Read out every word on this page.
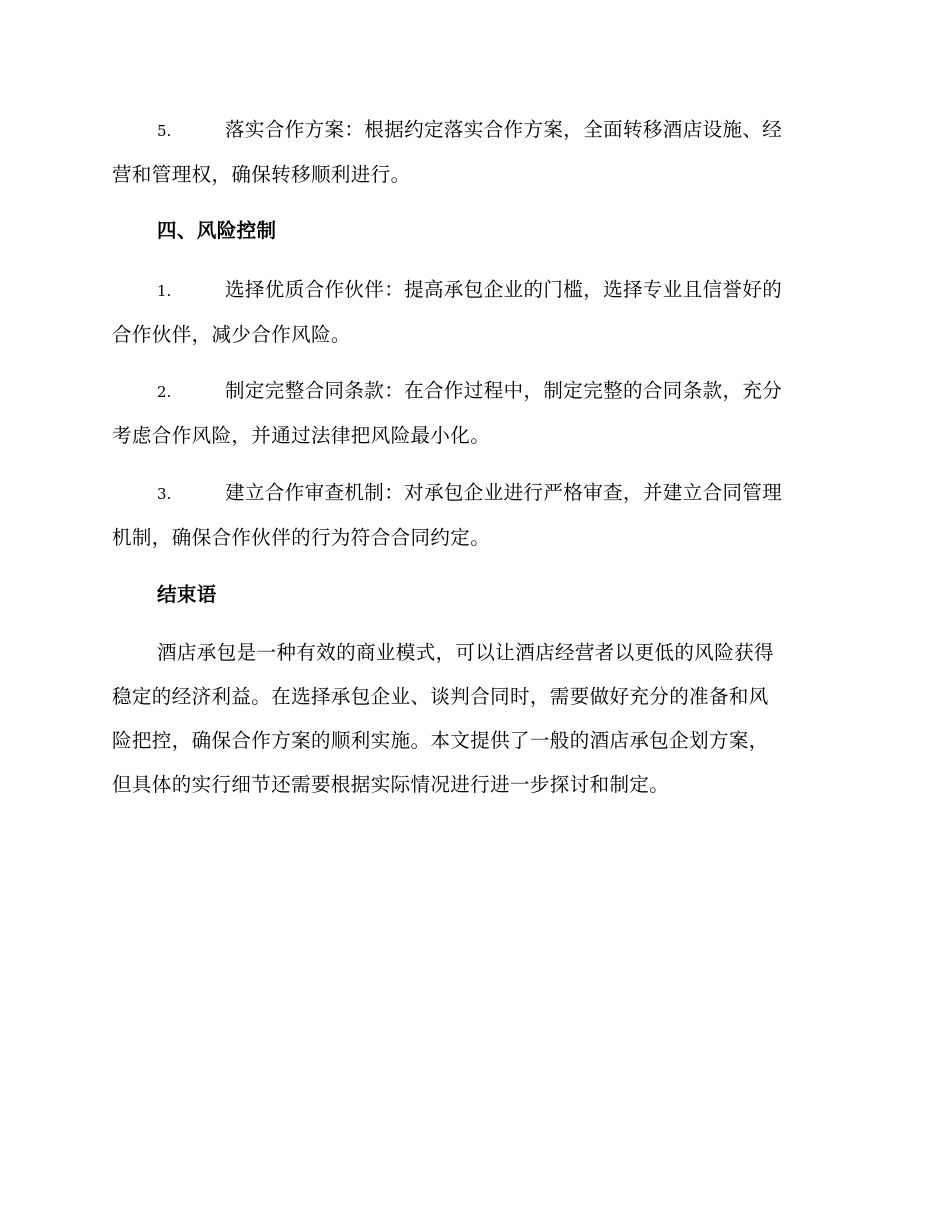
5.	落实合作方案：根据约定落实合作方案，全面转移酒店设施、经
营和管理权，确保转移顺利进行。
四、风险控制
1.	选择优质合作伙伴：提高承包企业的门槛，选择专业且信誉好的
合作伙伴，减少合作风险。
2.	制定完整合同条款：在合作过程中，制定完整的合同条款，充分
考虑合作风险，并通过法律把风险最小化。
3.	建立合作审查机制：对承包企业进行严格审查，并建立合同管理
机制，确保合作伙伴的行为符合合同约定。
结束语
酒店承包是一种有效的商业模式，可以让酒店经营者以更低的风险获得
稳定的经济利益。在选择承包企业、谈判合同时，需要做好充分的准备和风
险把控，确保合作方案的顺利实施。本文提供了一般的酒店承包企划方案，
但具体的实行细节还需要根据实际情况进行进一步探讨和制定。
